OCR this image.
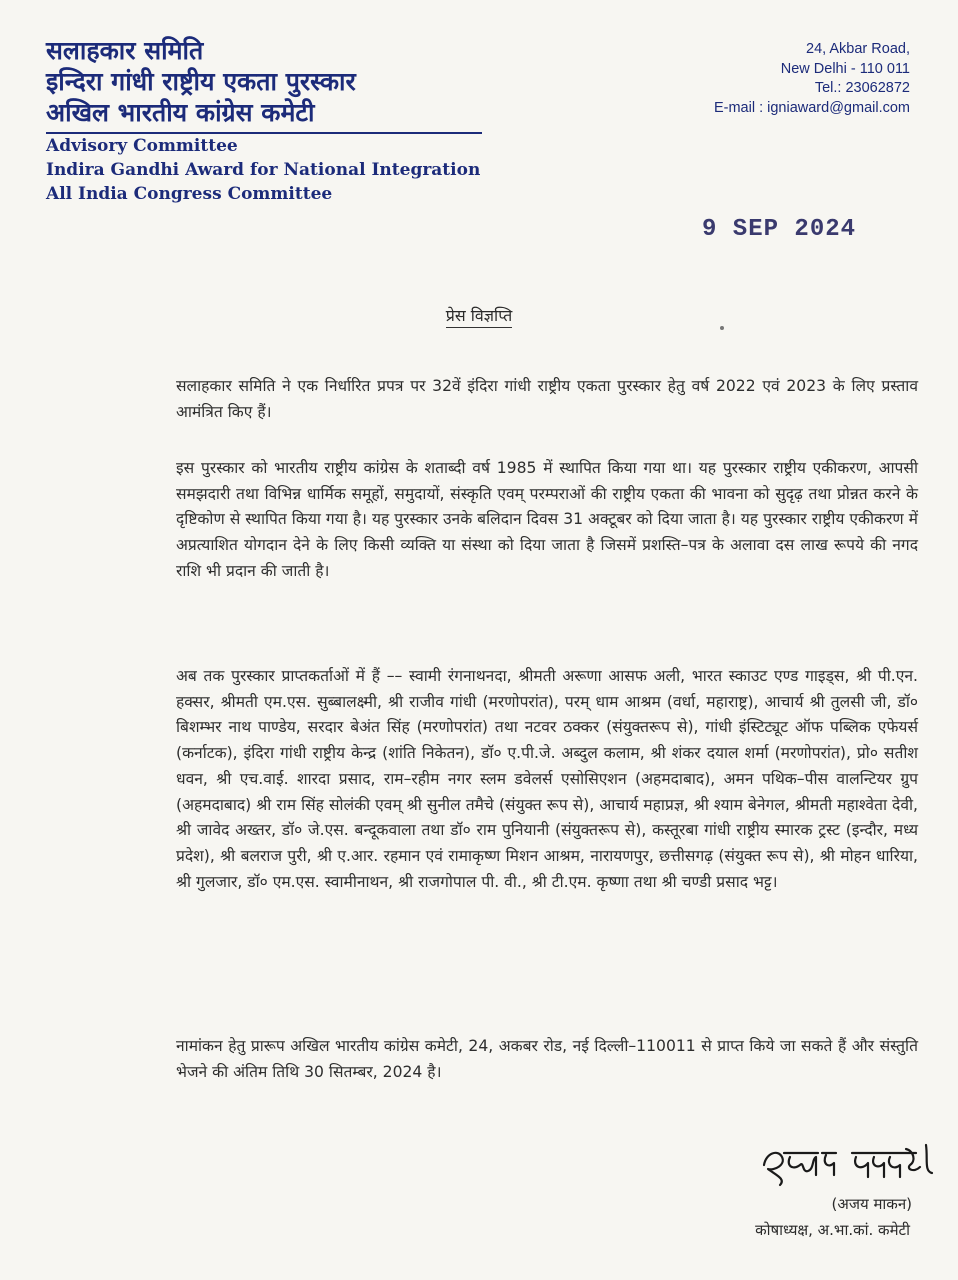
सलाहकार समिति
इन्दिरा गांधी राष्ट्रीय एकता पुरस्कार
अखिल भारतीय कांग्रेस कमेटी
Advisory Committee
Indira Gandhi Award for National Integration
All India Congress Committee
24, Akbar Road,
New Delhi - 110 011
Tel.: 23062872
E-mail : igniaward@gmail.com
9 SEP 2024
प्रेस विज्ञप्ति
सलाहकार समिति ने एक निर्धारित प्रपत्र पर 32वें इंदिरा गांधी राष्ट्रीय एकता पुरस्कार हेतु वर्ष 2022 एवं 2023 के लिए प्रस्ताव आमंत्रित किए हैं।
इस पुरस्कार को भारतीय राष्ट्रीय कांग्रेस के शताब्दी वर्ष 1985 में स्थापित किया गया था। यह पुरस्कार राष्ट्रीय एकीकरण, आपसी समझदारी तथा विभिन्न धार्मिक समूहों, समुदायों, संस्कृति एवम् परम्पराओं की राष्ट्रीय एकता की भावना को सुदृढ़ तथा प्रोन्नत करने के दृष्टिकोण से स्थापित किया गया है। यह पुरस्कार उनके बलिदान दिवस 31 अक्टूबर को दिया जाता है। यह पुरस्कार राष्ट्रीय एकीकरण में अप्रत्याशित योगदान देने के लिए किसी व्यक्ति या संस्था को दिया जाता है जिसमें प्रशस्ति–पत्र के अलावा दस लाख रूपये की नगद राशि भी प्रदान की जाती है।
अब तक पुरस्कार प्राप्तकर्ताओं में हैं –– स्वामी रंगनाथनदा, श्रीमती अरूणा आसफ अली, भारत स्काउट एण्ड गाइड्स, श्री पी.एन. हक्सर, श्रीमती एम.एस. सुब्बालक्ष्मी, श्री राजीव गांधी (मरणोपरांत), परम् धाम आश्रम (वर्धा, महाराष्ट्र), आचार्य श्री तुलसी जी, डॉ० बिशम्भर नाथ पाण्डेय, सरदार बेअंत सिंह (मरणोपरांत) तथा नटवर ठक्कर (संयुक्तरूप से), गांधी इंस्टिट्यूट ऑफ पब्लिक एफेयर्स (कर्नाटक), इंदिरा गांधी राष्ट्रीय केन्द्र (शांति निकेतन), डॉ० ए.पी.जे. अब्दुल कलाम, श्री शंकर दयाल शर्मा (मरणोपरांत), प्रो० सतीश धवन, श्री एच.वाई. शारदा प्रसाद, राम–रहीम नगर स्लम डवेलर्स एसोसिएशन (अहमदाबाद), अमन पथिक–पीस वालन्टियर ग्रुप (अहमदाबाद) श्री राम सिंह सोलंकी एवम् श्री सुनील तमैचे (संयुक्त रूप से), आचार्य महाप्रज्ञ, श्री श्याम बेनेगल, श्रीमती महाश्वेता देवी, श्री जावेद अख्तर, डॉ० जे.एस. बन्दूकवाला तथा डॉ० राम पुनियानी (संयुक्तरूप से), कस्तूरबा गांधी राष्ट्रीय स्मारक ट्रस्ट (इन्दौर, मध्य प्रदेश), श्री बलराज पुरी, श्री ए.आर. रहमान एवं रामाकृष्ण मिशन आश्रम, नारायणपुर, छत्तीसगढ़ (संयुक्त रूप से), श्री मोहन धारिया, श्री गुलजार, डॉ० एम.एस. स्वामीनाथन, श्री राजगोपाल पी. वी., श्री टी.एम. कृष्णा तथा श्री चण्डी प्रसाद भट्ट।
नामांकन हेतु प्रारूप अखिल भारतीय कांग्रेस कमेटी, 24, अकबर रोड, नई दिल्ली–110011 से प्राप्त किये जा सकते हैं और संस्तुति भेजने की अंतिम तिथि 30 सितम्बर, 2024 है।
(अजय माकन)
कोषाध्यक्ष, अ.भा.कां. कमेटी
